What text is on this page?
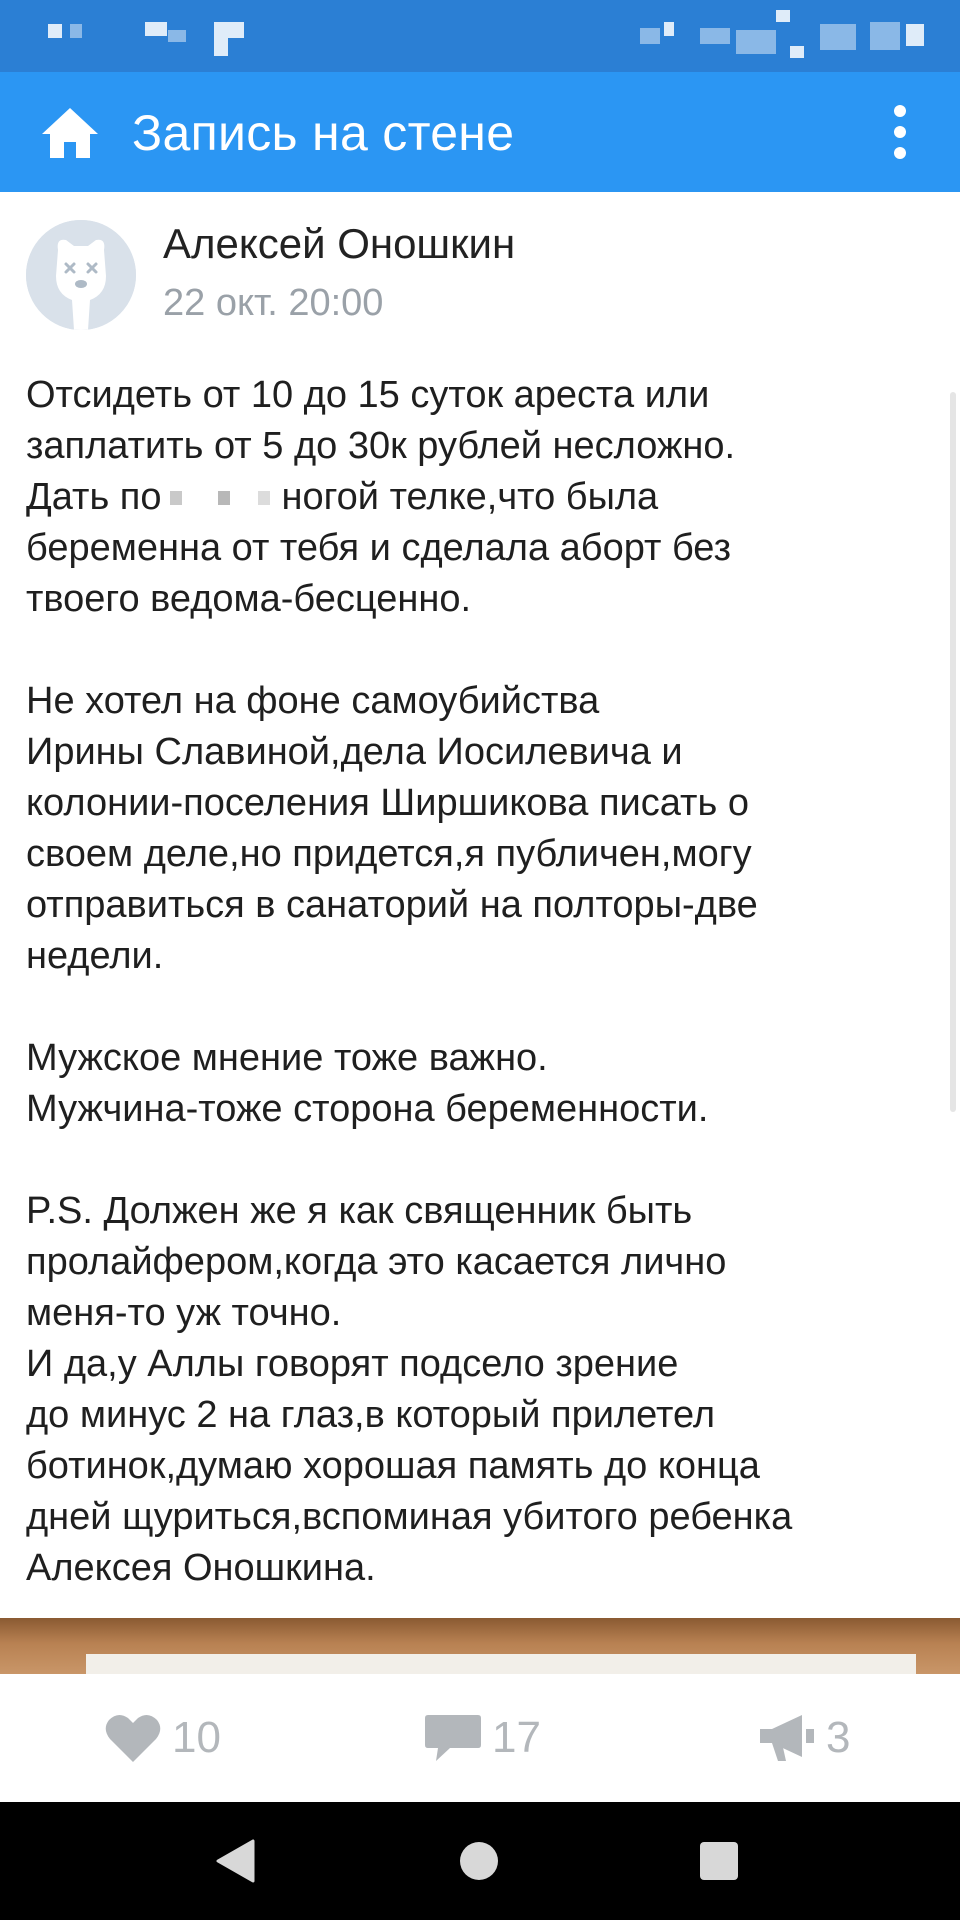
Запись на стене
Алексей Оношкин
22 окт. 20:00
Отсидеть от 10 до 15 суток ареста или
заплатить от 5 до 30к рублей несложно.
Дать по	ногой телке,что была
беременна от тебя и сделала аборт без
твоего ведома-бесценно.

Не хотел на фоне самоубийства
Ирины Славиной,дела Иосилевича и
колонии-поселения Ширшикова писать о
своем деле,но придется,я публичен,могу
отправиться в санаторий на полторы-две
недели.

Мужское мнение тоже важно.
Мужчина-тоже сторона беременности.

P.S. Должен же я как священник быть
пролайфером,когда это касается лично
меня-то уж точно.
И да,у Аллы говорят подсело зрение
до минус 2 на глаз,в который прилетел
ботинок,думаю хорошая память до конца
дней щуриться,вспоминая убитого ребенка
Алексея Оношкина.
10	17	3
